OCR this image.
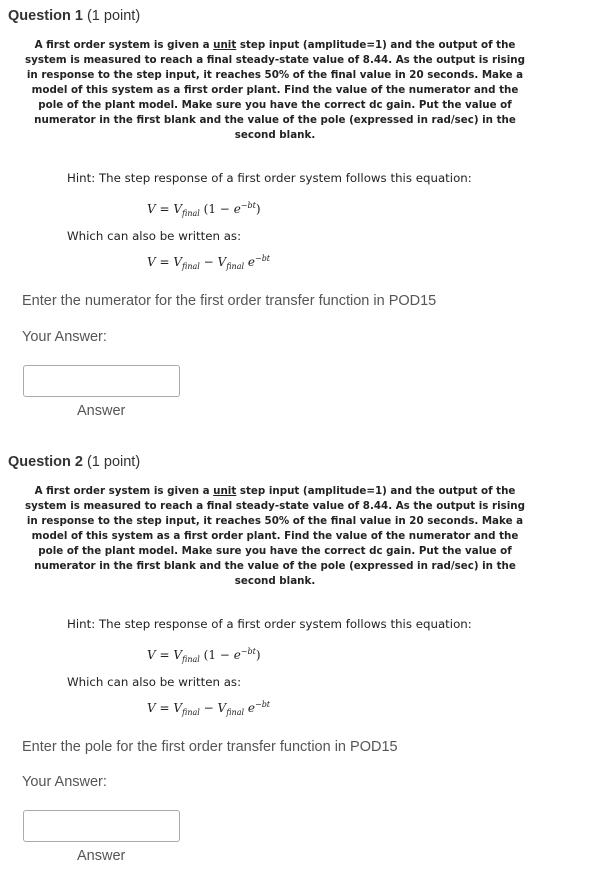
Question 1 (1 point)
A first order system is given a unit step input (amplitude=1) and the output of the system is measured to reach a final steady-state value of 8.44. As the output is rising in response to the step input, it reaches 50% of the final value in 20 seconds. Make a model of this system as a first order plant. Find the value of the numerator and the pole of the plant model. Make sure you have the correct dc gain. Put the value of numerator in the first blank and the value of the pole (expressed in rad/sec) in the second blank.
Hint: The step response of a first order system follows this equation:
$V = V_{final}$ $(1 - e^{-bt})$
Which can also be written as:
$V = V_{final} - V_{final}$ $e^{-bt}$
Enter the numerator for the first order transfer function in POD15
Your Answer:
Answer
Question 2 (1 point)
A first order system is given a unit step input (amplitude=1) and the output of the system is measured to reach a final steady-state value of 8.44. As the output is rising in response to the step input, it reaches 50% of the final value in 20 seconds. Make a model of this system as a first order plant. Find the value of the numerator and the pole of the plant model. Make sure you have the correct dc gain. Put the value of numerator in the first blank and the value of the pole (expressed in rad/sec) in the second blank.
Hint: The step response of a first order system follows this equation:
$V = V_{final}$ $(1 - e^{-bt})$
Which can also be written as:
$V = V_{final} - V_{final}$ $e^{-bt}$
Enter the pole for the first order transfer function in POD15
Your Answer:
Answer
